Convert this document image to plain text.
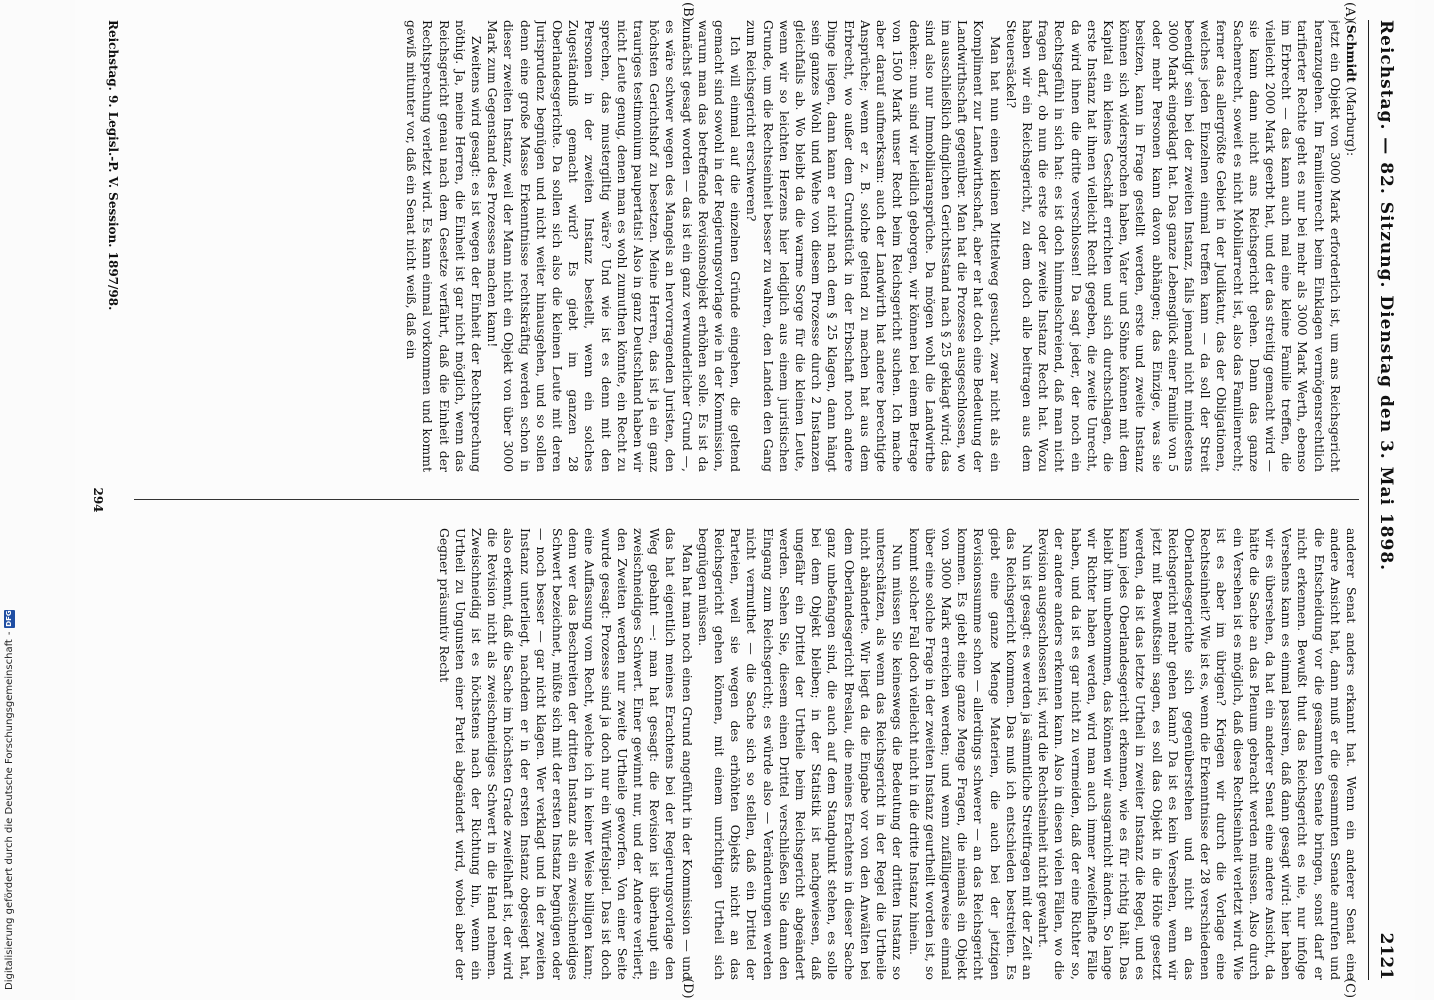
Digitalisierung gefördert durch die Deutsche Forschungsgemeinschaft
-
DFG
Reichstag. — 82. Sitzung. Dienstag den 3. Mai 1898.
2121
(A)
(B)
(C)
(D)

(Schmidt (Marburg):

jetzt ein Objekt von 3000 Mark erforderlich ist, um ans Reichsgericht heranzugehen. Im Familienrecht beim Einklagen vermögensrechtlich tarifierter Rechte geht es nur bei mehr als 3000 Mark Werth, ebenso im Erbrecht — das kann auch mal eine kleine Familie treffen, die vielleicht 2000 Mark geerbt hat, und der das streitig gemacht wird — sie kann dann nicht ans Reichsgericht gehen. Dann das ganze Sachenrecht, soweit es nicht Mobiliarrecht ist, also das Familienrecht; ferner das allergrößte Gebiet in der Judikatur, das der Obligationen, welches jeden Einzelnen einmal treffen kann — da soll der Streit beendigt sein bei der zweiten Instanz, falls jemand nicht mindestens 3000 Mark eingeklagt hat. Das ganze Lebensglück einer Familie von 5 oder mehr Personen kann davon abhängen; das Einzige, was sie besitzen, kann in Frage gestellt werden, erste und zweite Instanz können sich widersprochen haben, Vater und Söhne können mit dem Kapital ein kleines Geschäft errichten und sich durchschlagen, die erste Instanz hat ihnen vielleicht Recht gegeben, die zweite Unrecht, da wird ihnen die dritte verschlossen! Da sagt jeder, der noch ein Rechtsgefühl in sich hat: es ist doch himmelschreiend, daß man nicht fragen darf, ob nun die erste oder zweite Instanz Recht hat. Wozu haben wir ein Reichsgericht, zu dem doch alle beitragen aus dem Steuersäckel?

Man hat nun einen kleinen Mittelweg gesucht, zwar nicht als ein Kompliment zur Landwirthschaft, aber er hat doch eine Bedeutung der Landwirthschaft gegenüber. Man hat die Prozesse ausgeschlossen, wo im ausschließlich dinglichen Gerichtsstand nach § 25 geklagt wird; das sind also nur Immobiliaransprüche. Da mögen wohl die Landwirthe denken: nun sind wir leidlich geborgen, wir können bei einem Betrage von 1500 Mark unser Recht beim Reichsgericht suchen. Ich mache aber darauf aufmerksam: auch der Landwirth hat andere berechtigte Ansprüche; wenn er z. B. solche geltend zu machen hat aus dem Erbrecht, wo außer dem Grundstück in der Erbschaft noch andere Dinge liegen, dann kann er nicht nach dem § 25 klagen, dann hängt sein ganzes Wohl und Wehe von diesem Prozesse durch 2 Instanzen gleichfalls ab. Wo bleibt da die warme Sorge für die kleinen Leute, wenn wir so leichten Herzens hier lediglich aus einem juristischen Grunde, um die Rechtseinheit besser zu wahren, den Landen den Gang zum Reichsgericht erschweren?

Ich will einmal auf die einzelnen Gründe eingehen, die geltend gemacht sind sowohl in der Regierungsvorlage wie in der Kommission, warum man das betreffende Revisionsobjekt erhöhen solle. Es ist da zunächst gesagt worden — das ist ein ganz verwunderlicher Grund —, es wäre schwer wegen des Mangels an hervorragenden Juristen, den höchsten Gerichtshof zu besetzen. Meine Herren, das ist ja ein ganz trauriges testimonium paupertatis! Also in ganz Deutschland haben wir nicht Leute genug, denen man es wohl zumuthen könnte, ein Recht zu sprechen, das mustergiltig wäre? Und wie ist es denn mit den Personen in der zweiten Instanz bestellt, wenn ein solches Zugeständniß gemacht wird? Es giebt im ganzen 28 Oberlandesgerichte. Da sollen sich also die kleinen Leute mit deren Jurisprudenz begnügen und nicht weiter hinausgehen, und so sollen denn eine große Masse Erkenntnisse rechtskräftig werden schon in dieser zweiten Instanz, weil der Mann nicht ein Objekt von über 3000 Mark zum Gegenstand des Prozesses machen kann!

Zweitens wird gesagt: es ist wegen der Einheit der Rechtsprechung nöthig. Ja, meine Herren, die Einheit ist gar nicht möglich, wenn das Reichsgericht genau nach dem Gesetze verfährt, daß die Einheit der Rechtsprechung verletzt wird. Es kann einmal vorkommen und kommt gewiß mitunter vor, daß ein Senat nicht weiß, daß ein

anderer Senat anders erkannt hat. Wenn ein anderer Senat eine andere Ansicht hat, dann muß er die gesammten Senate anrufen und die Entscheidung vor die gesammten Senate bringen, sonst darf er nicht erkennen. Bewußt thut das Reichsgericht es nie, nur infolge Versehens kann es einmal passiren, daß dann gesagt wird: hier haben wir es übersehen, da hat ein anderer Senat eine andere Ansicht, da hätte die Sache an das Plenum gebracht werden müssen. Also durch ein Versehen ist es möglich, daß diese Rechtseinheit verletzt wird. Wie ist es aber im übrigen? Kriegen wir durch die Vorlage eine Rechtseinheit? Wie ist es, wenn die Erkenntnisse der 28 verschiedenen Oberlandesgerichte sich gegenüberstehen und nicht an das Reichsgericht mehr gehen kann? Da ist es kein Versehen, wenn wir jetzt mit Bewußtsein sagen, es soll das Objekt in die Höhe gesetzt werden, da ist das letzte Urtheil in zweiter Instanz die Regel, und es kann jedes Oberlandesgericht erkennen, wie es für richtig hält. Das bleibt ihm unbenommen, das können wir ausgarnicht ändern. So lange wir Richter haben werden, wird man auch immer zweifelhafte Fälle haben, und da ist es gar nicht zu vermeiden, daß der eine Richter so, der andere anders erkennen kann. Also in diesen vielen Fällen, wo die Revision ausgeschlossen ist, wird die Rechtseinheit nicht gewahrt.

Nun ist gesagt: es werden ja sämmtliche Streitfragen mit der Zeit an das Reichsgericht kommen. Das muß ich entschieden bestreiten. Es giebt eine ganze Menge Materien, die auch bei der jetzigen Revisionssumme schon — allerdings schwerer — an das Reichsgericht kommen. Es giebt eine ganze Menge Fragen, die niemals ein Objekt von 3000 Mark erreichen werden; und wenn zufälligerweise einmal über eine solche Frage in der zweiten Instanz geurtheilt worden ist, so kommt solcher Fall doch vielleicht nicht in die dritte Instanz hinein.

Nun müssen Sie keineswegs die Bedeutung der dritten Instanz so unterschätzen, als wenn das Reichsgericht in der Regel die Urtheile nicht abänderte. Wir liegt da die Eingabe vor von den Anwälten bei dem Oberlandesgericht Breslau, die meines Erachtens in dieser Sache ganz unbefangen sind, die auch auf dem Standpunkt stehen, es solle bei dem Objekt bleiben; in der Statistik ist nachgewiesen, daß ungefähr ein Drittel der Urtheile beim Reichsgericht abgeändert werden. Sehen Sie, diesem einen Drittel verschließen Sie dann den Eingang zum Reichsgericht; es würde also — Veränderungen werden nicht vermuthet — die Sache sich so stellen, daß ein Drittel der Parteien, weil sie wegen des erhöhten Objekts nicht an das Reichsgericht gehen können, mit einem unrichtigen Urtheil sich begnügen müssen.

Man hat man noch einen Grund angeführt in der Kommission — und das hat eigentlich meines Erachtens bei der Regierungsvorlage den Weg gebahnt —: man hat gesagt: die Revision ist überhaupt ein zweischneidiges Schwert. Einer gewinnt nur, und der Andere verliert; den Zweiten werden nur zweite Urtheile geworfen. Von einer Seite wurde gesagt: Prozesse sind ja doch nur ein Würfelspiel. Das ist doch eine Auffassung vom Recht, welche ich in keiner Weise billigen kann; denn wer das Beschreiten der dritten Instanz als ein zweischneidiges Schwert bezeichnet, müßte sich mit der ersten Instanz begnügen oder — noch besser — gar nicht klagen. Wer verklagt und in der zweiten Instanz unterliegt, nachdem er in der ersten Instanz obgesiegt hat, also erkennt, daß die Sache im höchsten Grade zweifelhaft ist, der wird die Revision nicht als zweischneidiges Schwert in die Hand nehmen. Zweischneidig ist es höchstens nach der Richtung hin, wenn ein Urtheil zu Ungunsten einer Partei abgeändert wird, wobei aber der Gegner präsumtiv Recht

Reichstag. 9. Legisl.-P. V. Session. 1897/98.
294
